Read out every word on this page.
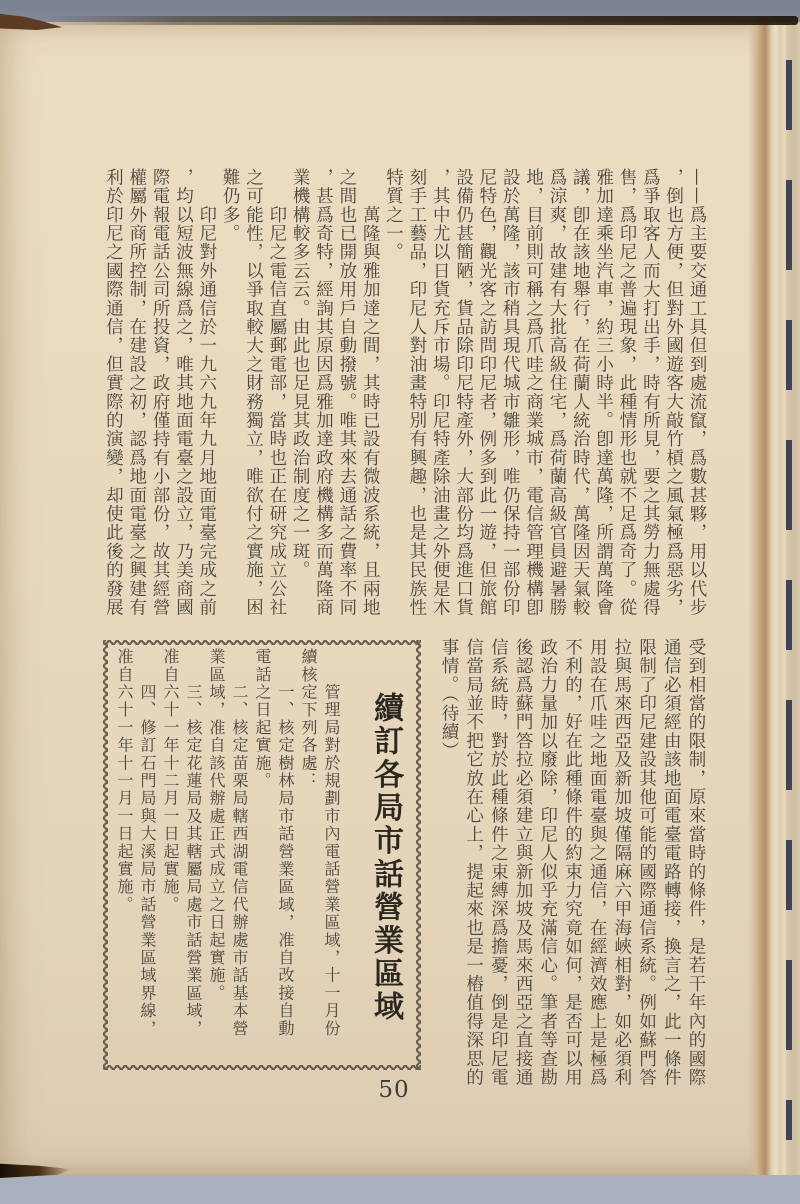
——爲主要交通工具但到處流竄，爲數甚夥，用以代步
，倒也方便，但對外國遊客大敲竹槓之風氣極爲惡劣，
爲爭取客人而大打出手，時有所見，要之其勞力無處得
售，爲印尼之普遍現象，此種情形也就不足爲奇了。從
雅加達乘坐汽車，約三小時半。卽達萬隆，所謂萬隆會
議，卽在該地舉行，在荷蘭人統治時代，萬隆因天氣較
爲涼爽，故建有大批高級住宅，爲荷蘭高級官員避暑勝
地，目前則可稱之爲爪哇之商業城市，電信管理機構卽
設於萬隆，該市稍具現代城市雛形，唯仍保持一部份印
尼特色，觀光客之訪問印尼者，例多到此一遊，但旅館
設備仍甚簡陋，貨品除印尼特產外，大部份均爲進口貨
，其中尤以日貨充斥市場。印尼特產除油畫之外便是木
刻手工藝品，印尼人對油畫特別有興趣，也是其民族性
特質之一。
　　萬隆與雅加達之間，其時已設有微波系統，且兩地
之間也已開放用戶自動撥號。唯其來去通話之費率不同
，甚爲奇特，經詢其原因爲雅加達政府機構多而萬隆商
業機構較多云云。由此也足見其政治制度之一斑。
　　印尼之電信直屬郵電部，當時也正在研究成立公社
之可能性，以爭取較大之財務獨立，唯欲付之實施，困
難仍多。
　　印尼對外通信於一九六九年九月地面電臺完成之前
，均以短波無線爲之，唯其地面電臺之設立，乃美商國
際電報電話公司所投資，政府僅持有小部份，故其經營
權屬外商所控制，在建設之初，認爲地面電臺之興建有
利於印尼之國際通信，但實際的演變，却使此後的發展
受到相當的限制，原來當時的條件，是若干年內的國際
通信必須經由該地面電臺電路轉接，換言之，此一條件
限制了印尼建設其他可能的國際通信系統。例如蘇門答
拉與馬來西亞及新加坡僅隔麻六甲海峽相對，如必須利
用設在爪哇之地面電臺與之通信，在經濟效應上是極爲
不利的，好在此種條件的約束力究竟如何，是否可以用
政治力量加以廢除，印尼人似乎充滿信心。筆者等查勘
後認爲蘇門答拉必須建立與新加坡及馬來西亞之直接通
信系統時，對於此種條件之束縛深爲擔憂，倒是印尼電
信當局並不把它放在心上，提起來也是一樁值得深思的
事情。（待續）
續訂各局市話營業區域
　　管理局對於規劃市內電話營業區域，十一月份
續核定下列各處：
　　一、核定樹林局市話營業區域，准自改接自動
電話之日起實施。
　　二、核定苗栗局轄西湖電信代辦處市話基本營
業區域，准自該代辦處正式成立之日起實施。
　　三、核定花蓮局及其轄屬局處市話營業區域，
准自六十一年十二月一日起實施。
　　四、修訂石門局與大溪局市話營業區域界線，
准自六十一年十一月一日起實施。
50
